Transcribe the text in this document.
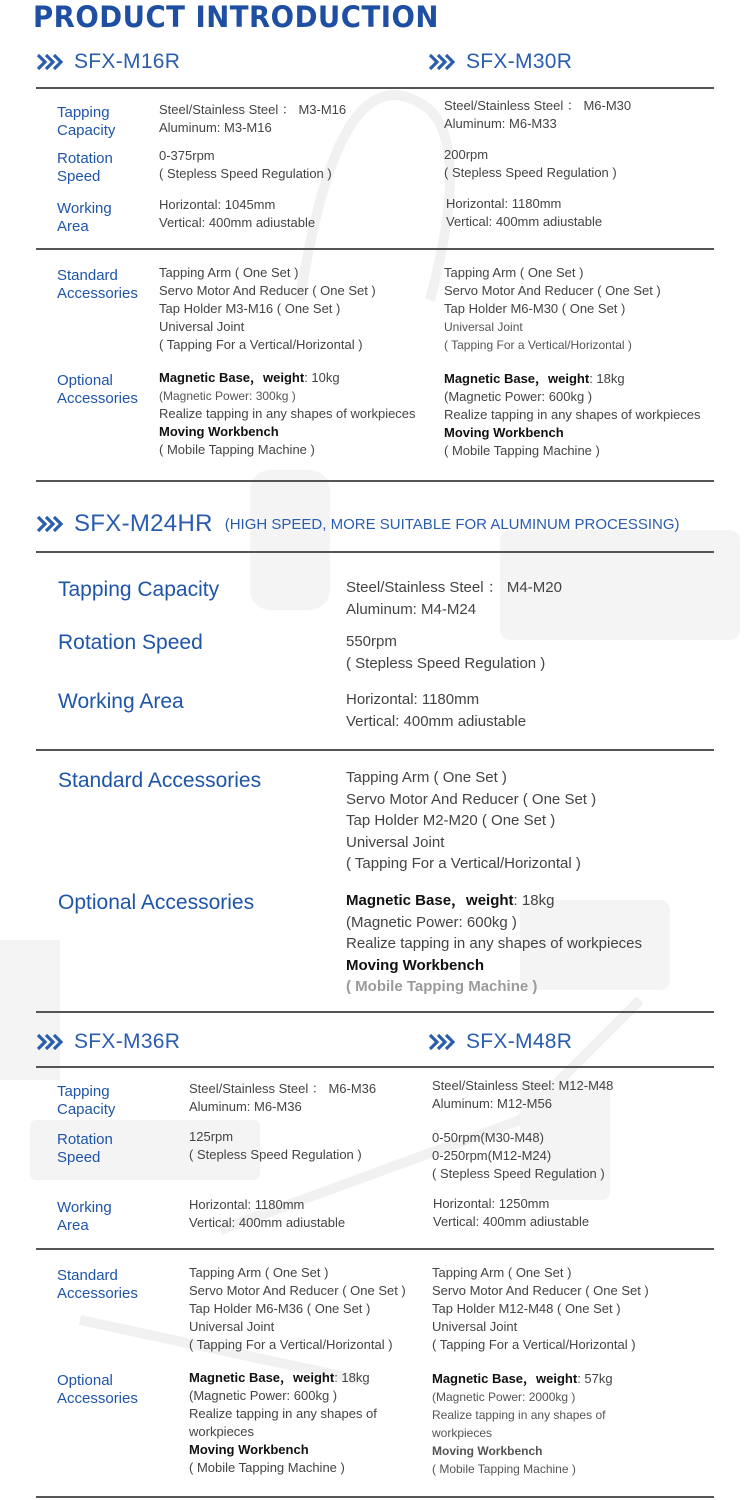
PRODUCT INTRODUCTION
SFX-M16R	SFX-M30R
Tapping
Capacity
Rotation
Speed
Working
Area
Steel/Stainless Steel ： M3-M16
Aluminum: M3-M16
0-375rpm
( Stepless Speed Regulation )
Horizontal: 1045mm
Vertical: 400mm adiustable
Steel/Stainless Steel ： M6-M30
Aluminum: M6-M33
200rpm
( Stepless Speed Regulation )
Horizontal: 1180mm
Vertical: 400mm adiustable
Standard
Accessories
Optional
Accessories
Tapping Arm ( One Set )
Servo Motor And Reducer ( One Set )
Tap Holder M3-M16 ( One Set )
Universal Joint
( Tapping For a Vertical/Horizontal )
Magnetic Base，weight: 10kg
(Magnetic Power: 300kg )
Realize tapping in any shapes of workpieces
Moving Workbench
( Mobile Tapping Machine )
Tapping Arm ( One Set )
Servo Motor And Reducer ( One Set )
Tap Holder M6-M30 ( One Set )
Universal Joint
( Tapping For a Vertical/Horizontal )
Magnetic Base，weight: 18kg
(Magnetic Power: 600kg )
Realize tapping in any shapes of workpieces
Moving Workbench
( Mobile Tapping Machine )
SFX-M24HR (HIGH SPEED, MORE SUITABLE FOR ALUMINUM PROCESSING)
Tapping Capacity
Rotation Speed
Working Area
Steel/Stainless Steel ： M4-M20
Aluminum: M4-M24
550rpm
( Stepless Speed Regulation )
Horizontal: 1180mm
Vertical: 400mm adiustable
Standard Accessories
Optional Accessories
Tapping Arm ( One Set )
Servo Motor And Reducer ( One Set )
Tap Holder M2-M20 ( One Set )
Universal Joint
( Tapping For a Vertical/Horizontal )
Magnetic Base，weight: 18kg
(Magnetic Power: 600kg )
Realize tapping in any shapes of workpieces
Moving Workbench
( Mobile Tapping Machine )
SFX-M36R	SFX-M48R
Tapping
Capacity
Rotation
Speed
Working
Area
Steel/Stainless Steel ： M6-M36
Aluminum: M6-M36
125rpm
( Stepless Speed Regulation )
Horizontal: 1180mm
Vertical: 400mm adiustable
Steel/Stainless Steel: M12-M48
Aluminum: M12-M56
0-50rpm(M30-M48)
0-250rpm(M12-M24)
( Stepless Speed Regulation )
Horizontal: 1250mm
Vertical: 400mm adiustable
Standard
Accessories
Optional
Accessories
Tapping Arm ( One Set )
Servo Motor And Reducer ( One Set )
Tap Holder M6-M36 ( One Set )
Universal Joint
( Tapping For a Vertical/Horizontal )
Magnetic Base，weight: 18kg
(Magnetic Power: 600kg )
Realize tapping in any shapes of
workpieces
Moving Workbench
( Mobile Tapping Machine )
Tapping Arm ( One Set )
Servo Motor And Reducer ( One Set )
Tap Holder M12-M48 ( One Set )
Universal Joint
( Tapping For a Vertical/Horizontal )
Magnetic Base，weight: 57kg
(Magnetic Power: 2000kg )
Realize tapping in any shapes of
workpieces
Moving Workbench
( Mobile Tapping Machine )
